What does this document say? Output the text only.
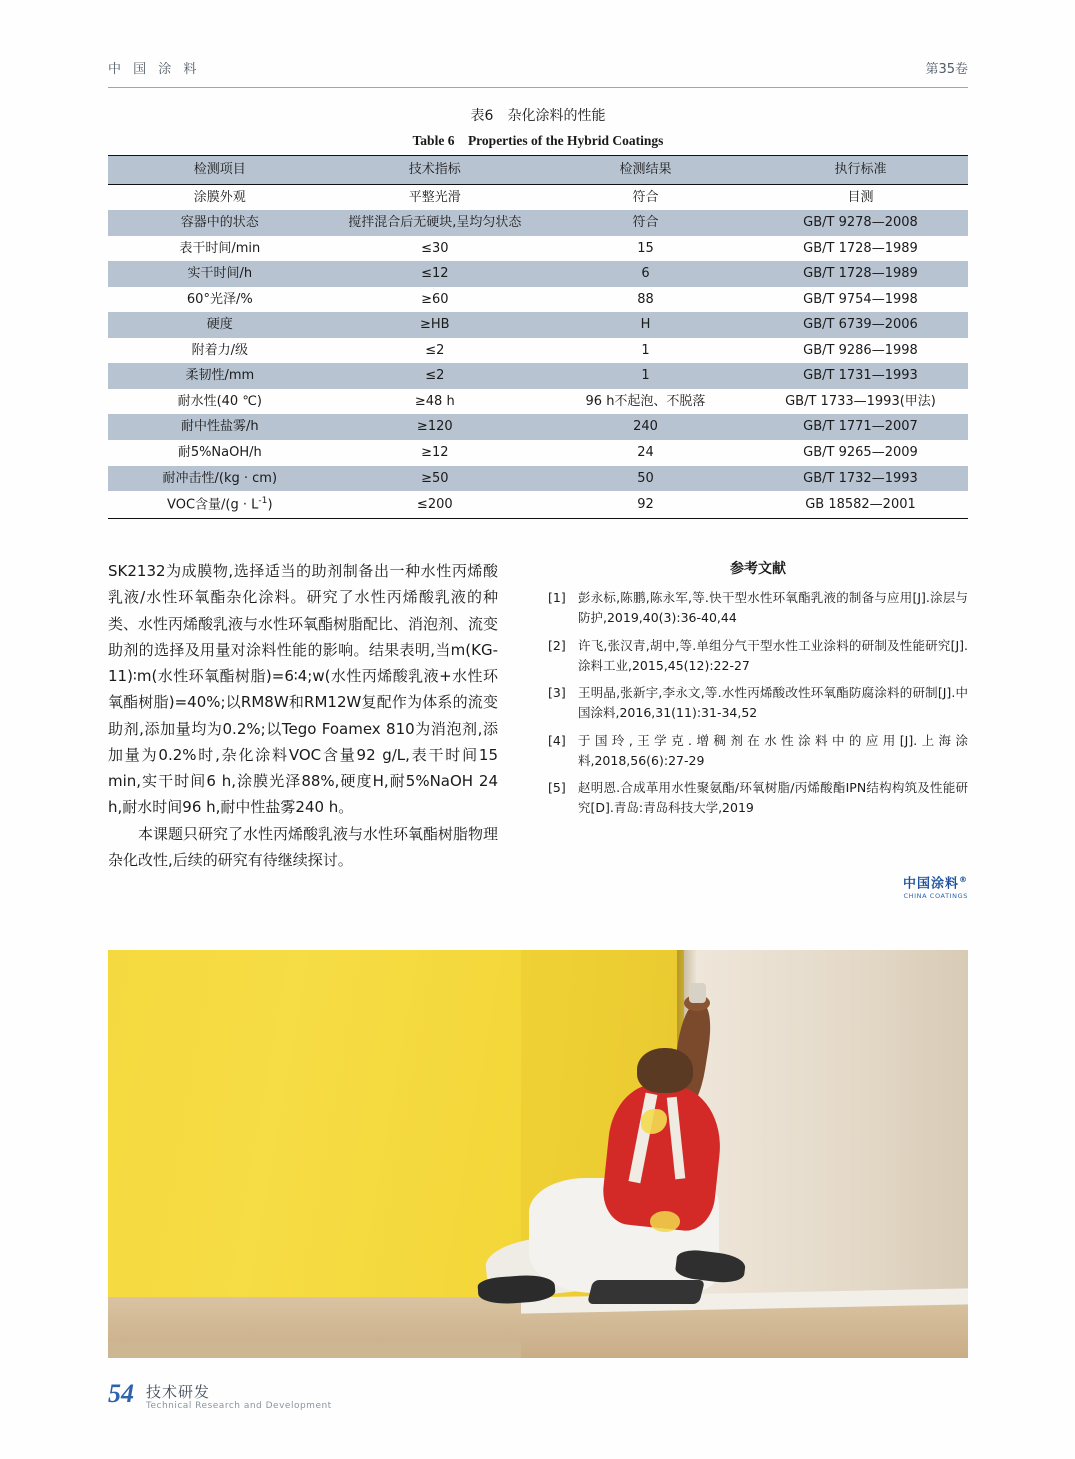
中 国 涂 料	第35卷
表6　杂化涂料的性能
Table 6　Properties of the Hybrid Coatings
检测项目	技术指标	检测结果	执行标准
涂膜外观	平整光滑	符合	目测
容器中的状态	搅拌混合后无硬块,呈均匀状态	符合	GB/T 9278—2008
表干时间/min	≤30	15	GB/T 1728—1989
实干时间/h	≤12	6	GB/T 1728—1989
60°光泽/%	≥60	88	GB/T 9754—1998
硬度	≥HB	H	GB/T 6739—2006
附着力/级	≤2	1	GB/T 9286—1998
柔韧性/mm	≤2	1	GB/T 1731—1993
耐水性(40 ℃)	≥48 h	96 h不起泡、不脱落	GB/T 1733—1993(甲法)
耐中性盐雾/h	≥120	240	GB/T 1771—2007
耐5%NaOH/h	≥12	24	GB/T 9265—2009
耐冲击性/(kg · cm)	≥50	50	GB/T 1732—1993
VOC含量$/(g \cdot L^{-1})$	≤200	92	GB 18582—2001

SK2132为成膜物,选择适当的助剂制备出一种水性丙烯酸乳液/水性环氧酯杂化涂料。研究了水性丙烯酸乳液的种类、水性丙烯酸乳液与水性环氧酯树脂配比、消泡剂、流变助剂的选择及用量对涂料性能的影响。结果表明,当m(KG-11)∶m(水性环氧酯树脂)=6∶4;w(水性丙烯酸乳液+水性环氧酯树脂)=40%;以RM8W和RM12W复配作为体系的流变助剂,添加量均为0.2%;以Tego Foamex 810为消泡剂,添加量为0.2%时,杂化涂料VOC含量92 g/L,表干时间15 min,实干时间6 h,涂膜光泽88%,硬度H,耐5%NaOH 24 h,耐水时间96 h,耐中性盐雾240 h。

本课题只研究了水性丙烯酸乳液与水性环氧酯树脂物理杂化改性,后续的研究有待继续探讨。

参考文献
[1] 彭永标,陈鹏,陈永军,等.快干型水性环氧酯乳液的制备与应用[J].涂层与防护,2019,40(3):36-40,44
[2] 许飞,张汉青,胡中,等.单组分气干型水性工业涂料的研制及性能研究[J].涂料工业,2015,45(12):22-27
[3] 王明晶,张新宇,李永文,等.水性丙烯酸改性环氧酯防腐涂料的研制[J].中国涂料,2016,31(11):31-34,52
[4] 于国玲,王学克.增稠剂在水性涂料中的应用[J].上海涂料,2018,56(6):27-29
[5] 赵明恩.合成革用水性聚氨酯/环氧树脂/丙烯酸酯IPN结构构筑及性能研究[D].青岛:青岛科技大学,2019
中国涂料®
CHINA COATINGS
54 技术研发
Technical Research and Development
